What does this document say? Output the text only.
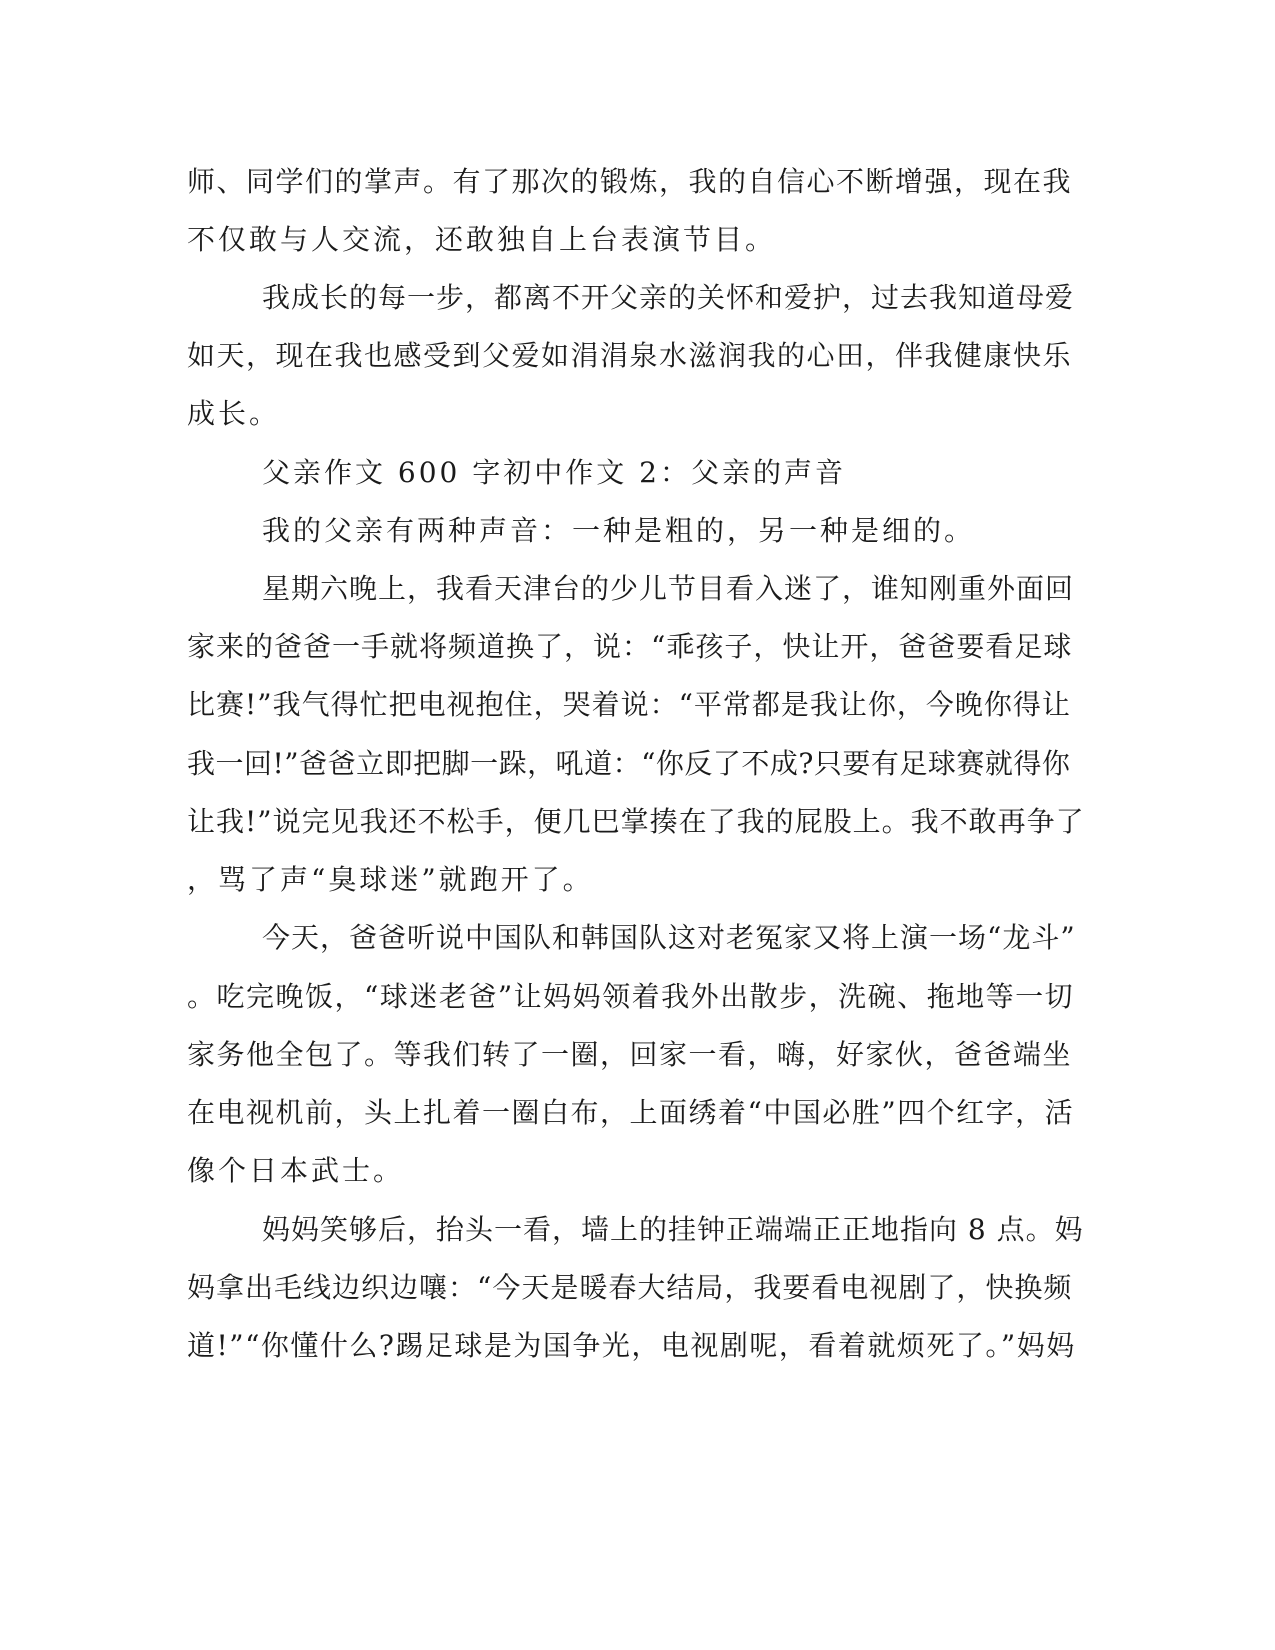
师、同学们的掌声。有了那次的锻炼，我的自信心不断增强，现在我
不仅敢与人交流，还敢独自上台表演节目。
我成长的每一步，都离不开父亲的关怀和爱护，过去我知道母爱
如天，现在我也感受到父爱如涓涓泉水滋润我的心田，伴我健康快乐
成长。
父亲作文 600 字初中作文 2：父亲的声音
我的父亲有两种声音：一种是粗的，另一种是细的。
星期六晚上，我看天津台的少儿节目看入迷了，谁知刚重外面回
家来的爸爸一手就将频道换了，说：“乖孩子，快让开，爸爸要看足球
比赛!”我气得忙把电视抱住，哭着说：“平常都是我让你，今晚你得让
我一回!”爸爸立即把脚一跺，吼道：“你反了不成?只要有足球赛就得你
让我!”说完见我还不松手，便几巴掌揍在了我的屁股上。我不敢再争了
，骂了声“臭球迷”就跑开了。
今天，爸爸听说中国队和韩国队这对老冤家又将上演一场“龙斗”
。吃完晚饭，“球迷老爸”让妈妈领着我外出散步，洗碗、拖地等一切
家务他全包了。等我们转了一圈，回家一看，嗨，好家伙，爸爸端坐
在电视机前，头上扎着一圈白布，上面绣着“中国必胜”四个红字，活
像个日本武士。
妈妈笑够后，抬头一看，墙上的挂钟正端端正正地指向 8 点。妈
妈拿出毛线边织边嚷：“今天是暖春大结局，我要看电视剧了，快换频
道!”“你懂什么?踢足球是为国争光，电视剧呢，看着就烦死了。”妈妈
